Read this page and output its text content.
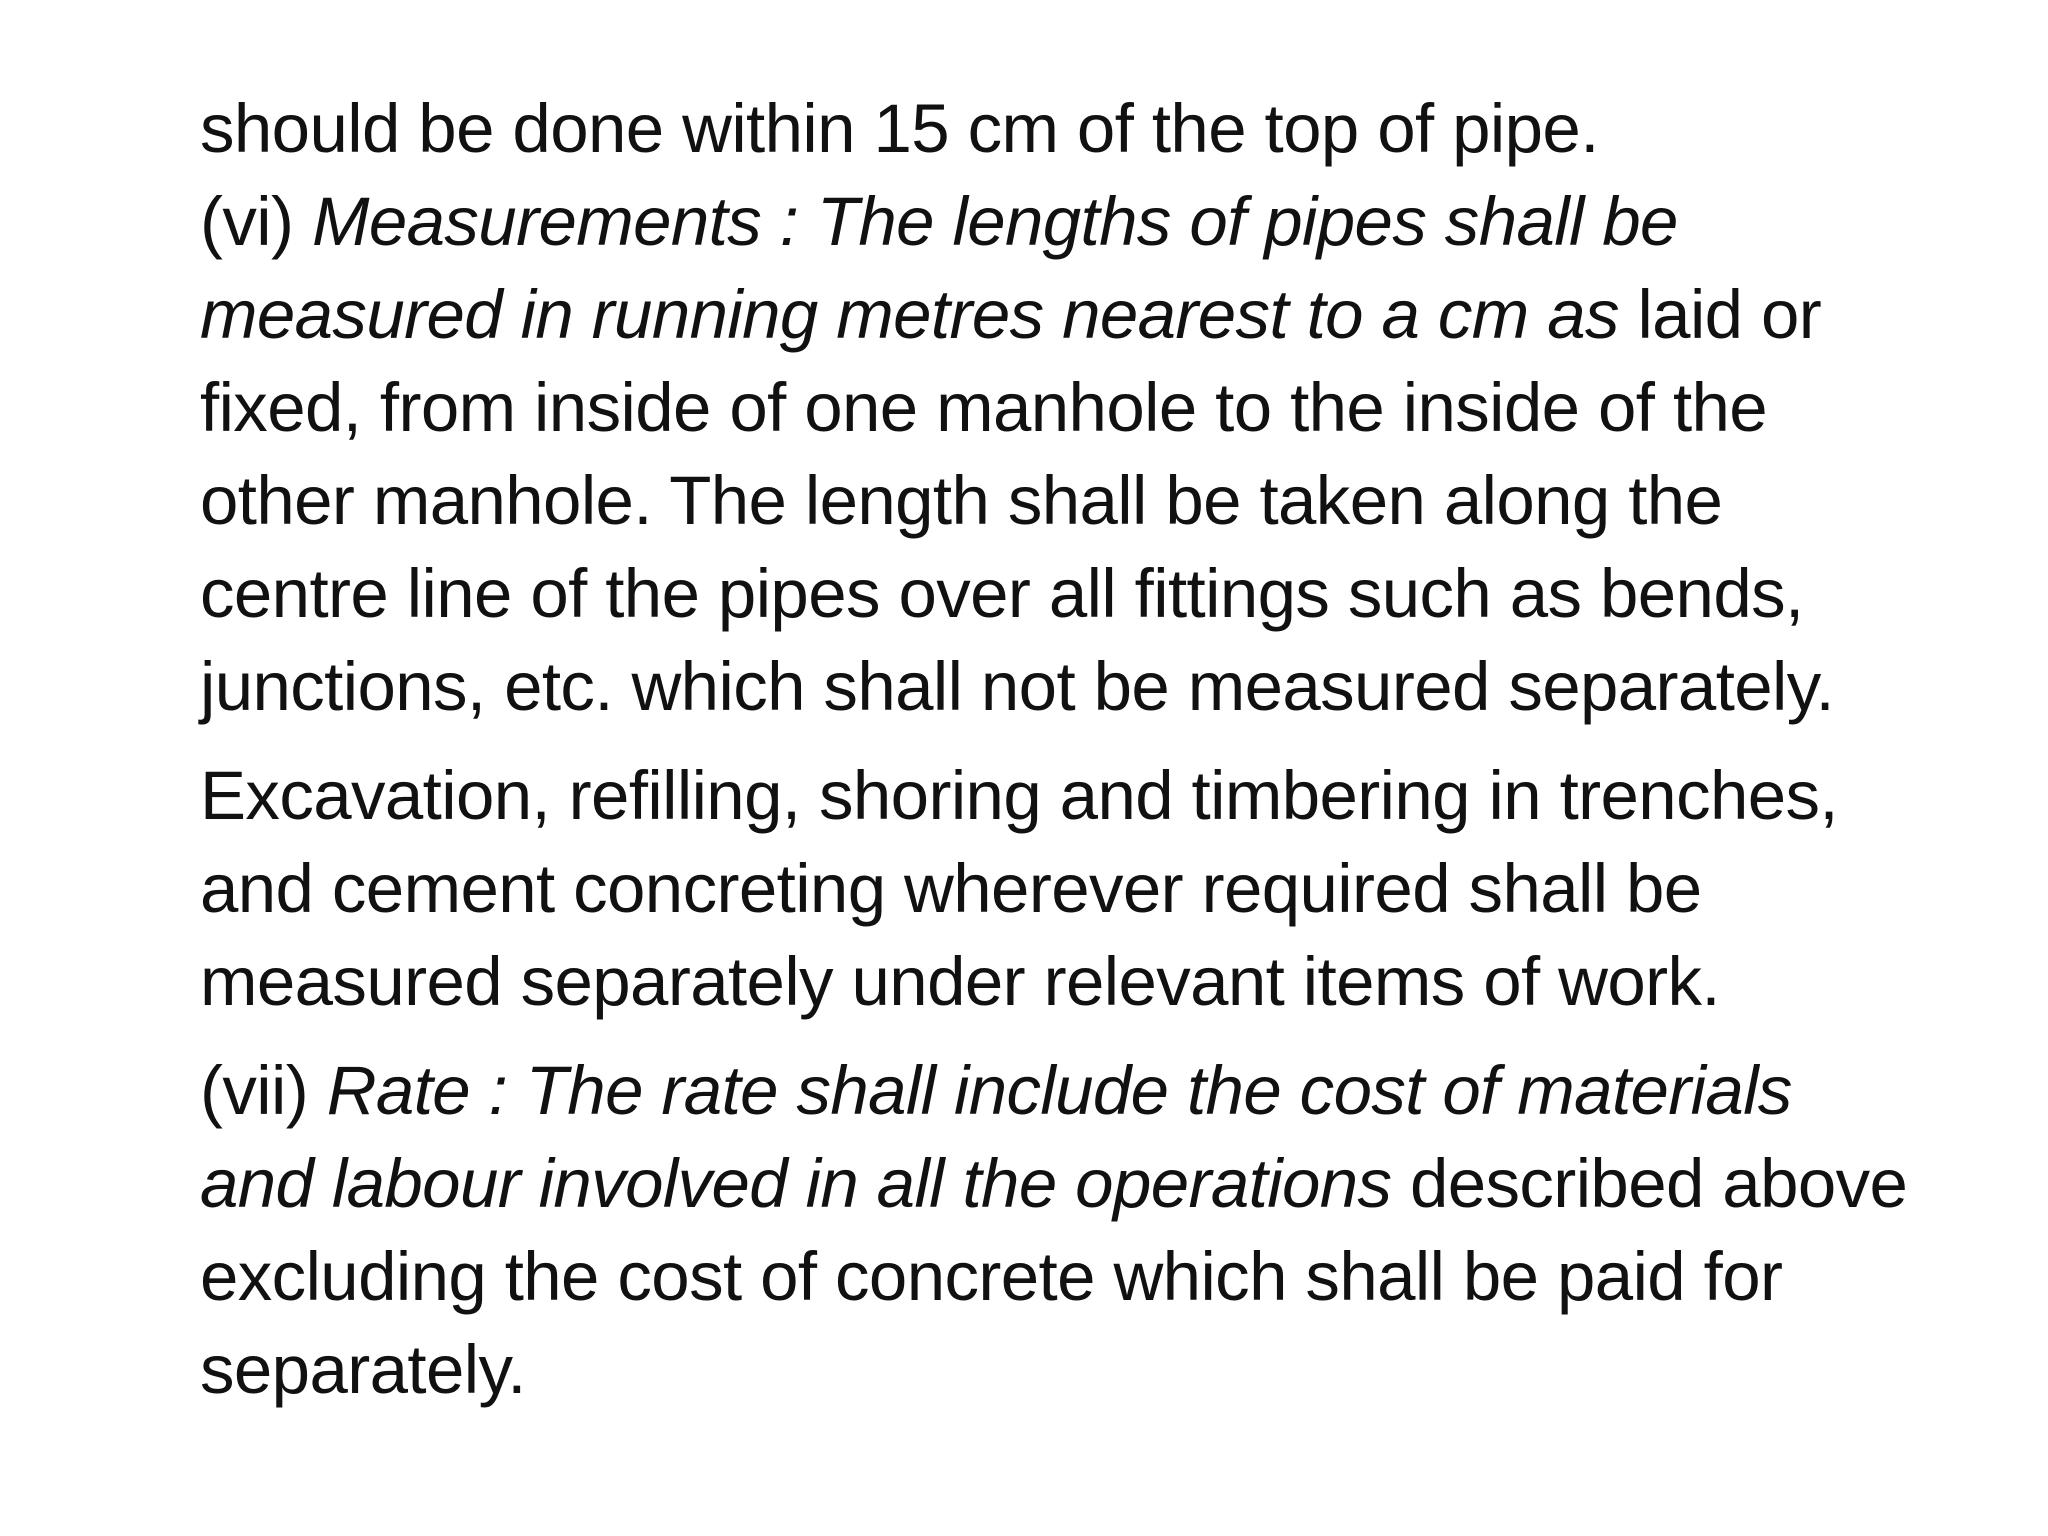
should be done within 15 cm of the top of pipe.
(vi) Measurements : The lengths of pipes shall be measured in running metres nearest to a cm as laid or fixed, from inside of one manhole to the inside of the other manhole. The length shall be taken along the centre line of the pipes over all fittings such as bends, junctions, etc. which shall not be measured separately.

Excavation, refilling, shoring and timbering in trenches, and cement concreting wherever required shall be measured separately under relevant items of work.

(vii) Rate : The rate shall include the cost of materials and labour involved in all the operations described above excluding the cost of concrete which shall be paid for separately.
